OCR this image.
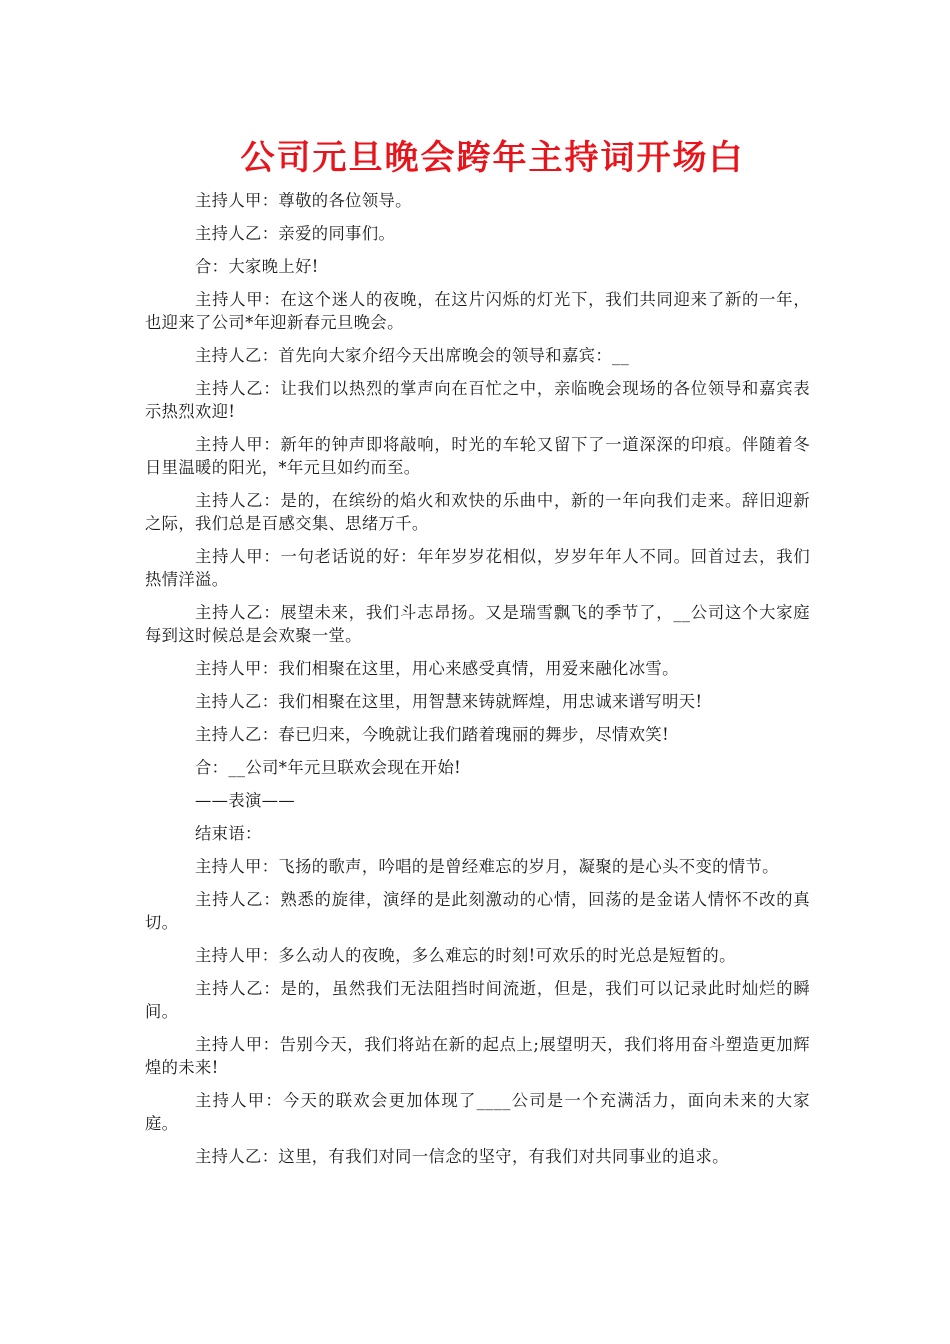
公司元旦晚会跨年主持词开场白

主持人甲：尊敬的各位领导。

主持人乙：亲爱的同事们。

合：大家晚上好!

主持人甲：在这个迷人的夜晚，在这片闪烁的灯光下，我们共同迎来了新的一年，也迎来了公司*年迎新春元旦晚会。

主持人乙：首先向大家介绍今天出席晚会的领导和嘉宾：__

主持人乙：让我们以热烈的掌声向在百忙之中，亲临晚会现场的各位领导和嘉宾表示热烈欢迎!

主持人甲：新年的钟声即将敲响，时光的车轮又留下了一道深深的印痕。伴随着冬日里温暖的阳光，*年元旦如约而至。

主持人乙：是的，在缤纷的焰火和欢快的乐曲中，新的一年向我们走来。辞旧迎新之际，我们总是百感交集、思绪万千。

主持人甲：一句老话说的好：年年岁岁花相似，岁岁年年人不同。回首过去，我们热情洋溢。

主持人乙：展望未来，我们斗志昂扬。又是瑞雪飘飞的季节了，__公司这个大家庭每到这时候总是会欢聚一堂。

主持人甲：我们相聚在这里，用心来感受真情，用爱来融化冰雪。

主持人乙：我们相聚在这里，用智慧来铸就辉煌，用忠诚来谱写明天!

主持人乙：春已归来，今晚就让我们踏着瑰丽的舞步，尽情欢笑!

合：__公司*年元旦联欢会现在开始!

——表演——

结束语：

主持人甲：飞扬的歌声，吟唱的是曾经难忘的岁月，凝聚的是心头不变的情节。

主持人乙：熟悉的旋律，演绎的是此刻激动的心情，回荡的是金诺人情怀不改的真切。

主持人甲：多么动人的夜晚，多么难忘的时刻!可欢乐的时光总是短暂的。

主持人乙：是的，虽然我们无法阻挡时间流逝，但是，我们可以记录此时灿烂的瞬间。

主持人甲：告别今天，我们将站在新的起点上;展望明天，我们将用奋斗塑造更加辉煌的未来!

主持人甲：今天的联欢会更加体现了____公司是一个充满活力，面向未来的大家庭。

主持人乙：这里，有我们对同一信念的坚守，有我们对共同事业的追求。
